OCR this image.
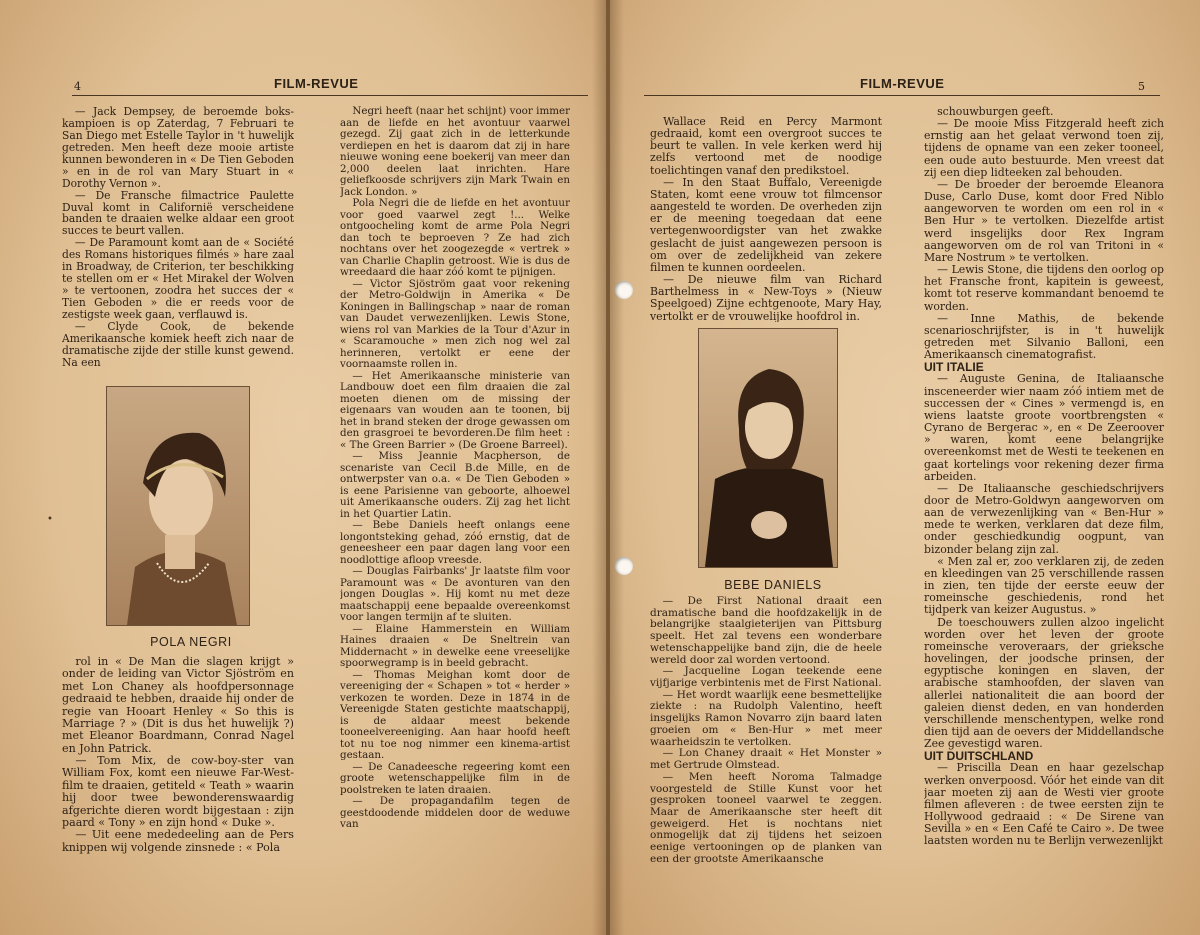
4	FILM-REVUE

— Jack Dempsey, de beroemde boks-kampioen is op Zaterdag, 7 Februari te San Diego met Estelle Taylor in 't huwelijk getreden. Men heeft deze mooie artiste kunnen bewonderen in « De Tien Geboden » en in de rol van Mary Stuart in « Dorothy Vernon ».

— De Fransche filmactrice Paulette Duval komt in Californië verscheidene banden te draaien welke aldaar een groot succes te beurt vallen.

— De Paramount komt aan de « Société des Romans historiques filmés » hare zaal in Broadway, de Criterion, ter beschikking te stellen om er « Het Mirakel der Wolven » te vertoonen, zoodra het succes der « Tien Geboden » die er reeds voor de zestigste week gaan, verflauwd is.

— Clyde Cook, de bekende Amerikaansche komiek heeft zich naar de dramatische zijde der stille kunst gewend. Na een

POLA NEGRI

rol in « De Man die slagen krijgt » onder de leiding van Victor Sjöström en met Lon Chaney als hoofdpersonnage gedraaid te hebben, draaide hij onder de regie van Hooart Henley « So this is Marriage ? » (Dit is dus het huwelijk ?) met Eleanor Boardmann, Conrad Nagel en John Patrick.

— Tom Mix, de cow-boy-ster van William Fox, komt een nieuwe Far-West-film te draaien, getiteld « Teath » waarin hij door twee bewonderenswaardig afgerichte dieren wordt bijgestaan : zijn paard « Tony » en zijn hond « Duke ».

— Uit eene mededeeling aan de Pers knippen wij volgende zinsnede : « Pola

Negri heeft (naar het schijnt) voor immer aan de liefde en het avontuur vaarwel gezegd. Zij gaat zich in de letterkunde verdiepen en het is daarom dat zij in hare nieuwe woning eene boekerij van meer dan 2,000 deelen laat inrichten. Hare geliefkoosde schrijvers zijn Mark Twain en Jack London. »

Pola Negri die de liefde en het avontuur voor goed vaarwel zegt !... Welke ontgoocheling komt de arme Pola Negri dan toch te beproeven ? Ze had zich nochtans over het zoogezegde « vertrek » van Charlie Chaplin getroost. Wie is dus de wreedaard die haar zóó komt te pijnigen.

— Victor Sjöström gaat voor rekening der Metro-Goldwijn in Amerika « De Koningen in Ballingschap » naar de roman van Daudet verwezenlijken. Lewis Stone, wiens rol van Markies de la Tour d'Azur in « Scaramouche » men zich nog wel zal herinneren, vertolkt er eene der voornaamste rollen in.

— Het Amerikaansche ministerie van Landbouw doet een film draaien die zal moeten dienen om de missing der eigenaars van wouden aan te toonen, bij het in brand steken der droge gewassen om den grasgroei te bevorderen.De film heet : « The Green Barrier » (De Groene Barreel).

— Miss Jeannie Macpherson, de scenariste van Cecil B.de Mille, en de ontwerpster van o.a. « De Tien Geboden » is eene Parisienne van geboorte, alhoewel uit Amerikaansche ouders. Zij zag het licht in het Quartier Latin.

— Bebe Daniels heeft onlangs eene longontsteking gehad, zóó ernstig, dat de geneesheer een paar dagen lang voor een noodlottige afloop vreesde.

— Douglas Fairbanks' Jr laatste film voor Paramount was « De avonturen van den jongen Douglas ». Hij komt nu met deze maatschappij eene bepaalde overeenkomst voor langen termijn af te sluiten.

— Elaine Hammerstein en William Haines draaien « De Sneltrein van Middernacht » in dewelke eene vreeselijke spoorwegramp is in beeld gebracht.

— Thomas Meighan komt door de vereeniging der « Schapen » tot « herder » verkozen te worden. Deze in 1874 in de Vereenigde Staten gestichte maatschappij, is de aldaar meest bekende tooneelvereeniging. Aan haar hoofd heeft tot nu toe nog nimmer een kinema-artist gestaan.

— De Canadeesche regeering komt een groote wetenschappelijke film in de poolstreken te laten draaien.

— De propagandafilm tegen de geestdoodende middelen door de weduwe van

•
FILM-REVUE	5

Wallace Reid en Percy Marmont gedraaid, komt een overgroot succes te beurt te vallen. In vele kerken werd hij zelfs vertoond met de noodige toelichtingen vanaf den predikstoel.

— In den Staat Buffalo, Vereenigde Staten, komt eene vrouw tot filmcensor aangesteld te worden. De overheden zijn er de meening toegedaan dat eene vertegenwoordigster van het zwakke geslacht de juist aangewezen persoon is om over de zedelijkheid van zekere filmen te kunnen oordeelen.

— De nieuwe film van Richard Barthelmess in « New-Toys » (Nieuw Speelgoed) Zijne echtgenoote, Mary Hay, vertolkt er de vrouwelijke hoofdrol in.

BEBE DANIELS

— De First National draait een dramatische band die hoofdzakelijk in de belangrijke staalgieterijen van Pittsburg speelt. Het zal tevens een wonderbare wetenschappelijke band zijn, die de heele wereld door zal worden vertoond.

— Jacqueline Logan teekende eene vijfjarige verbintenis met de First National.

— Het wordt waarlijk eene besmettelijke ziekte : na Rudolph Valentino, heeft insgelijks Ramon Novarro zijn baard laten groeien om « Ben-Hur » met meer waarheidszin te vertolken.

— Lon Chaney draait « Het Monster » met Gertrude Olmstead.

— Men heeft Noroma Talmadge voorgesteld de Stille Kunst voor het gesproken tooneel vaarwel te zeggen. Maar de Amerikaansche ster heeft dit geweigerd. Het is nochtans niet onmogelijk dat zij tijdens het seizoen eenige vertooningen op de planken van een der grootste Amerikaansche

schouwburgen geeft.

— De mooie Miss Fitzgerald heeft zich ernstig aan het gelaat verwond toen zij, tijdens de opname van een zeker tooneel, een oude auto bestuurde. Men vreest dat zij een diep lidteeken zal behouden.

— De broeder der beroemde Eleanora Duse, Carlo Duse, komt door Fred Niblo aangeworven te worden om een rol in « Ben Hur » te vertolken. Diezelfde artist werd insgelijks door Rex Ingram aangeworven om de rol van Tritoni in « Mare Nostrum » te vertolken.

— Lewis Stone, die tijdens den oorlog op het Fransche front, kapitein is geweest, komt tot reserve kommandant benoemd te worden.

— Inne Mathis, de bekende scenarioschrijfster, is in 't huwelijk getreden met Silvanio Balloni, een Amerikaansch cinematografist.

UIT ITALIE

— Auguste Genina, de Italiaansche insceneerder wier naam zóó intiem met de successen der « Cines » vermengd is, en wiens laatste groote voortbrengsten « Cyrano de Bergerac », en « De Zeeroover » waren, komt eene belangrijke overeenkomst met de Westi te teekenen en gaat kortelings voor rekening dezer firma arbeiden.

— De Italiaansche geschiedschrijvers door de Metro-Goldwyn aangeworven om aan de verwezenlijking van « Ben-Hur » mede te werken, verklaren dat deze film, onder geschiedkundig oogpunt, van bizonder belang zijn zal.

« Men zal er, zoo verklaren zij, de zeden en kleedingen van 25 verschillende rassen in zien, ten tijde der eerste eeuw der romeinsche geschiedenis, rond het tijdperk van keizer Augustus. »

De toeschouwers zullen alzoo ingelicht worden over het leven der groote romeinsche veroveraars, der grieksche hovelingen, der joodsche prinsen, der egyptische koningen en slaven, der arabische stamhoofden, der slaven van allerlei nationaliteit die aan boord der galeien dienst deden, en van honderden verschillende menschentypen, welke rond dien tijd aan de oevers der Middellandsche Zee gevestigd waren.

UIT DUITSCHLAND

— Priscilla Dean en haar gezelschap werken onverpoosd. Vóór het einde van dit jaar moeten zij aan de Westi vier groote filmen afleveren : de twee eersten zijn te Hollywood gedraaid : « De Sirene van Sevilla » en « Een Café te Cairo ». De twee laatsten worden nu te Berlijn verwezenlijkt
